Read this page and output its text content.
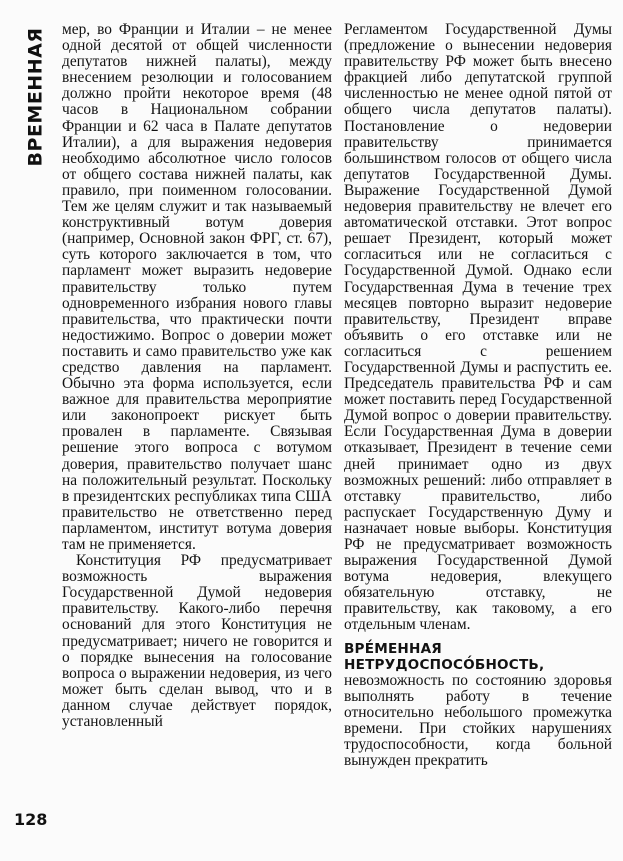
ВРЕМЕННАЯ мер, во Франции и Италии – не менее одной десятой от общей численности депутатов нижней палаты), между внесением резолюции и голосованием должно пройти некоторое время (48 часов в Национальном собрании Франции и 62 часа в Палате депутатов Италии), а для выражения недоверия необходимо абсолютное число голосов от общего состава нижней палаты, как правило, при поименном голосовании. Тем же целям служит и так называемый конструктивный вотум доверия (например, Основной закон ФРГ, ст. 67), суть которого заключается в том, что парламент может выразить недоверие правительству только путем одновременного избрания нового главы правительства, что практически почти недостижимо. Вопрос о доверии может поставить и само правительство уже как средство давления на парламент. Обычно эта форма используется, если важное для правительства мероприятие или законопроект рискует быть провален в парламенте. Связывая решение этого вопроса с вотумом доверия, правительство получает шанс на положительный результат. Поскольку в президентских республиках типа США правительство не ответственно перед парламентом, институт вотума доверия там не применяется.

Конституция РФ предусматривает возможность выражения Государственной Думой недоверия правительству. Какого-либо перечня оснований для этого Конституция не предусматривает; ничего не говорится и о порядке вынесения на голосование вопроса о выражении недоверия, из чего может быть сделан вывод, что и в данном случае действует порядок, установленный

Регламентом Государственной Думы (предложение о вынесении недоверия правительству РФ может быть внесено фракцией либо депутатской группой численностью не менее одной пятой от общего числа депутатов палаты). Постановление о недоверии правительству принимается большинством голосов от общего числа депутатов Государственной Думы. Выражение Государственной Думой недоверия правительству не влечет его автоматической отставки. Этот вопрос решает Президент, который может согласиться или не согласиться с Государственной Думой. Однако если Государственная Дума в течение трех месяцев повторно выразит недоверие правительству, Президент вправе объявить о его отставке или не согласиться с решением Государственной Думы и распустить ее. Председатель правительства РФ и сам может поставить перед Государственной Думой вопрос о доверии правительству. Если Государственная Дума в доверии отказывает, Президент в течение семи дней принимает одно из двух возможных решений: либо отправляет в отставку правительство, либо распускает Государственную Думу и назначает новые выборы. Конституция РФ не предусматривает возможность выражения Государственной Думой вотума недоверия, влекущего обязательную отставку, не правительству, как таковому, а его отдельным членам.

ВРЕ́МЕННАЯ НЕТРУДОСПОСО́БНОСТЬ, невозможность по состоянию здоровья выполнять работу в течение относительно небольшого промежутка времени. При стойких нарушениях трудоспособности, когда больной вынужден прекратить

128
